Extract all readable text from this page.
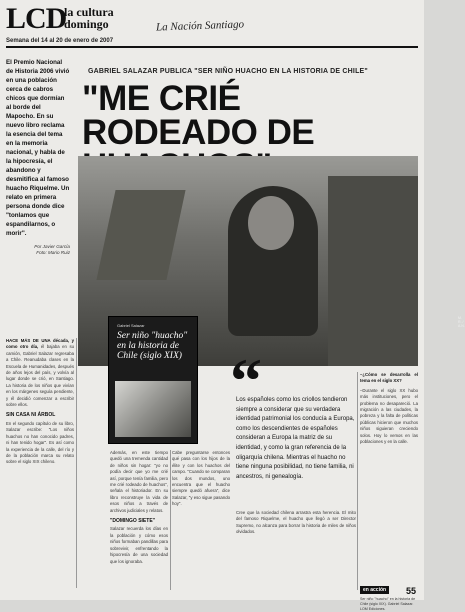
LCD
la cultura domingo	La Nación Santiago
Semana del 14 al 20 de enero de 2007

El Premio Nacional de Historia 2006 vivió en una población cerca de cabros chicos que dormían al borde del Mapocho. En su nuevo libro reclama la esencia del tema en la memoria nacional, y habla de la hipocresía, el abandono y desmitifica al famoso huacho Riquelme. Un relato en primera persona donde dice "tonlamos que espandilarnos, o morir".

Por Javier García
Foto: Mario Ruiz
GABRIEL SALAZAR PUBLICA "SER NIÑO HUACHO EN LA HISTORIA DE CHILE"
"ME CRIÉ RODEADO DE
M. R. / A.N.
Gabriel Salazar
Ser niño "huacho" en la historia de Chile (siglo XIX)

HACE MÁS DE UNA década, y como otro día, él bajaba en su camión, Gabriel Salazar regresaba a Chile. Reanudaba clases en la Escuela de Humanidades, después de años lejos del país, y volvía al lugar donde se crió, en Santiago. La historia de los niños que vivían en los márgenes seguía pendiente, y él decidió comenzar a escribir sobre ellos.

SIN CASA NI ÁRBOL

En el segundo capítulo de su libro, Salazar escribe: "Los niños huachos no han conocido padres, ni han tenido hogar". Es así como la experiencia de la calle, del río y de la población marca su relato sobre el siglo XIX chileno.

Además, en este tiempo quedó una tremenda cantidad de niños sin hogar: "yo no podía decir que yo me crié así, porque tenía familia, pero me crié rodeado de huachos", señala el historiador. En su libro reconstruye la vida de esos niños a través de archivos judiciales y relatos.

"DOMINGO SIETE"

Salazar recuerda los días en la población y cómo esos niños formaban pandillas para sobrevivir, enfrentando la hipocresía de una sociedad que los ignoraba.

Cabe preguntarse entonces qué pasa con los hijos de la élite y con los huachos del campo. "Cuando se comparan los dos mundos, uno encuentra que el huacho siempre quedó afuera", dice Salazar, "y eso sigue pasando hoy".

Cree que la sociedad chilena arrastra esta herencia. El mito del famoso Riquelme, el huacho que llegó a ser Director Supremo, no alcanza para borrar la historia de miles de niños olvidados.

“

Los españoles como los criollos tendieron siempre a considerar que su verdadera identidad patrimonial los conducía a Europa, como los descendientes de españoles consideran a Europa la matriz de su identidad, y como la gran referencia de la oligarquía chilena. Mientras el huacho no tiene ninguna posibilidad, no tiene familia, ni ancestros, ni genealogía.

–¿Cómo se desarrolla el tema en el siglo XX?

–Durante el siglo XX hubo más instituciones, pero el problema no desapareció. La migración a las ciudades, la pobreza y la falta de políticas públicas hicieron que muchos niños siguieran creciendo solos. Hoy lo vemos en las poblaciones y en la calle.

en acción
Ser niño "huacho" en la historia de Chile (siglo XIX). Gabriel Salazar. LOM Ediciones.
55
